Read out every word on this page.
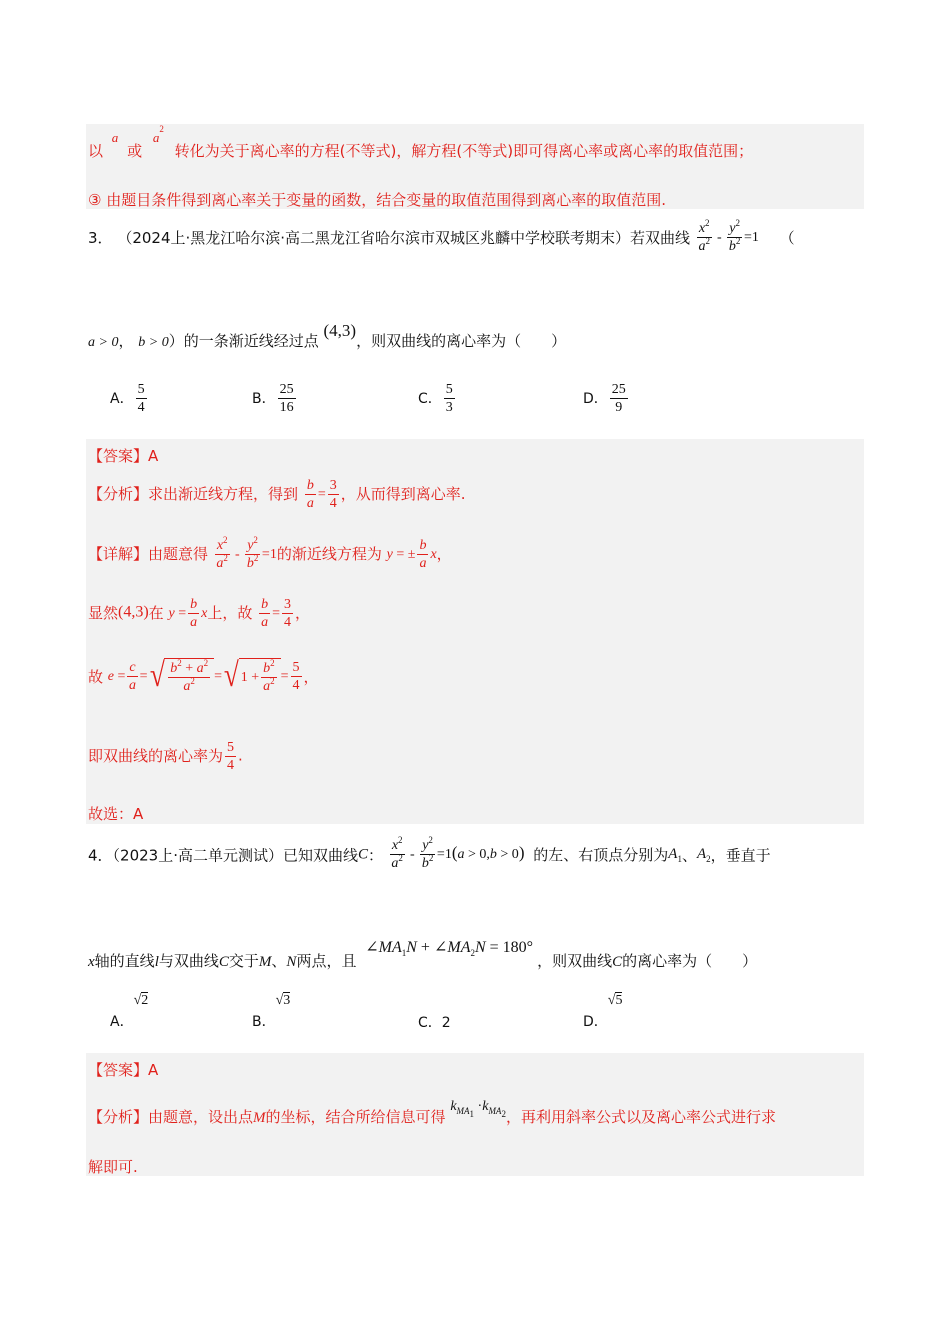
以 a 或 $a^2$ 转化为关于离心率的方程(不等式)，解方程(不等式)即可得离心率或离心率的取值范围；
③ 由题目条件得到离心率关于变量的函数，结合变量的取值范围得到离心率的取值范围.
3． （2024上·黑龙江哈尔滨·高二黑龙江省哈尔滨市双城区兆麟中学校联考期末）若双曲线 $\frac{x^2}{a^2} - \frac{y^2}{b^2} =1$ （
a > 0， b > 0）的一条渐近线经过点 (4,3)，则双曲线的离心率为（　　）
A． $\frac{5}{4}$	B． $\frac{25}{16}$	C． $\frac{5}{3}$	D． $\frac{25}{9}$
【答案】A
【分析】求出渐近线方程，得到 $\frac{b}{a} = \frac{3}{4}$ ，从而得到离心率.
【详解】由题意得 $\frac{x^2}{a^2} - \frac{y^2}{b^2} =1$的渐近线方程为 y = ± $\frac{b}{a}$ x，
显然(4,3)在 $y = \frac{b}{a}$ x上，故 $\frac{b}{a} = \frac{3}{4}$ ，
故 $e = \frac{c}{a}$ = √ $\frac{b^2 + a^2}{a^2}$ = √ $1 + \frac{b^2}{a^2} = \frac{5}{4}$ ，
即双曲线的离心率为 $\frac{5}{4}$ .
故选：A
4．（2023上·高二单元测试）已知双曲线C： $\frac{x^2}{a^2} - \frac{y^2}{b^2} =1(a > 0,b > 0)$ 的左、右顶点分别为$A_1$、$A_2$，垂直于
x轴的直线l与双曲线C交于M、N两点，且 $\angle MA_1N$ + $\angle MA_2N = 180^\circ$，则双曲线C的离心率为（　　）
A．√2
B．√3
C．2	D．√5
【答案】A
【分析】由题意，设出点M的坐标，结合所给信息可得 $k_{MA_1} \cdot k_{MA_2}$，再利用斜率公式以及离心率公式进行求
解即可.
